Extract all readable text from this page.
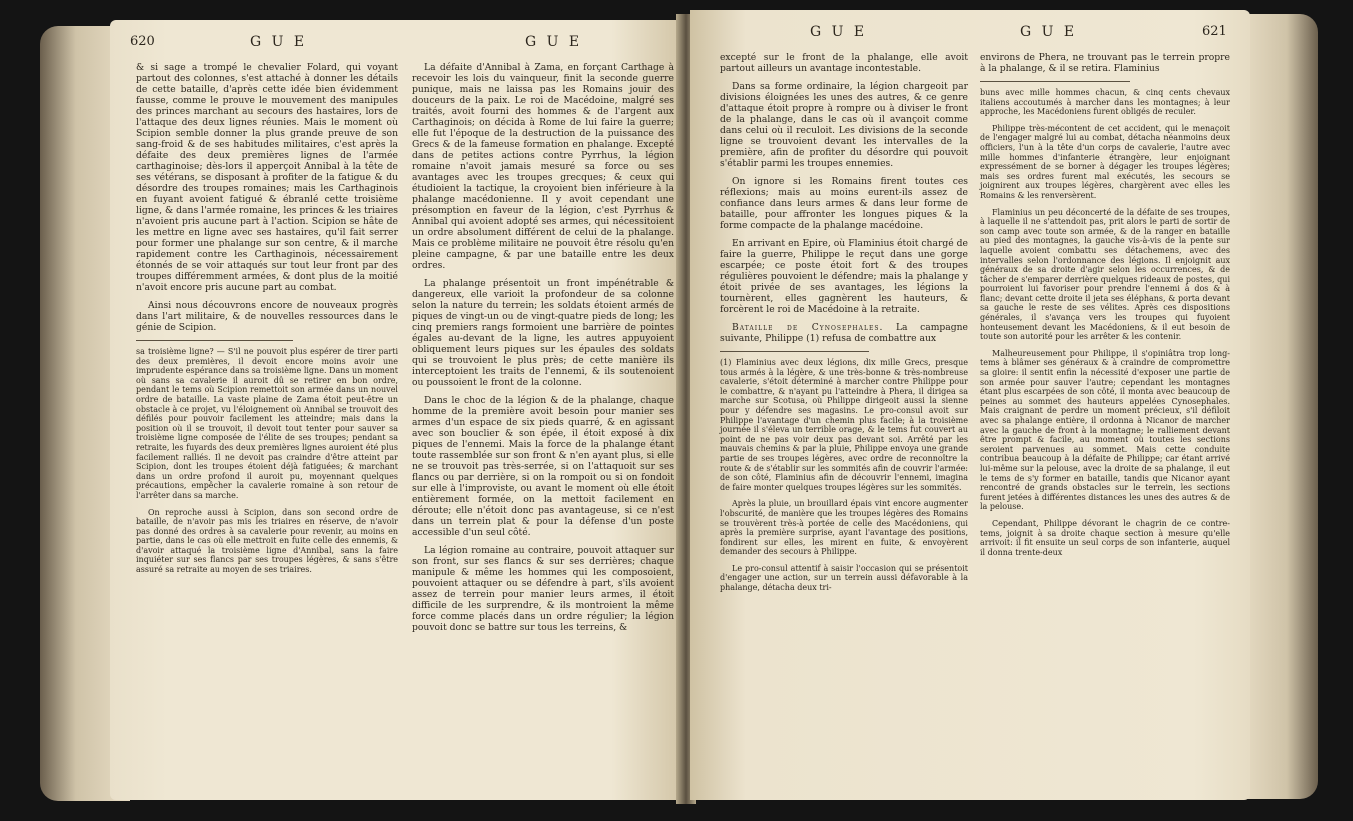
620	G U E	G U E

& si sage a trompé le chevalier Folard, qui voyant partout des colonnes, s'est attaché à donner les détails de cette bataille, d'après cette idée bien évidemment fausse, comme le prouve le mouvement des manipules des princes marchant au secours des hastaires, lors de l'attaque des deux lignes réunies. Mais le moment où Scipion semble donner la plus grande preuve de son sang-froid & de ses habitudes militaires, c'est après la défaite des deux premières lignes de l'armée carthaginoise; dès-lors il apperçoit Annibal à la tête de ses vétérans, se disposant à profiter de la fatigue & du désordre des troupes romaines; mais les Carthaginois en fuyant avoient fatigué & ébranlé cette troisième ligne, & dans l'armée romaine, les princes & les triaires n'avoient pris aucune part à l'action. Scipion se hâte de les mettre en ligne avec ses hastaires, qu'il fait serrer pour former une phalange sur son centre, & il marche rapidement contre les Carthaginois, nécessairement étonnés de se voir attaqués sur tout leur front par des troupes différemment armées, & dont plus de la moitié n'avoit encore pris aucune part au combat.

Ainsi nous découvrons encore de nouveaux progrès dans l'art militaire, & de nouvelles ressources dans le génie de Scipion.

sa troisième ligne? — S'il ne pouvoit plus espérer de tirer parti des deux premières, il devoit encore moins avoir une imprudente espérance dans sa troisième ligne. Dans un moment où sans sa cavalerie il auroit dû se retirer en bon ordre, pendant le tems où Scipion remettoit son armée dans un nouvel ordre de bataille. La vaste plaine de Zama étoit peut-être un obstacle à ce projet, vu l'éloignement où Annibal se trouvoit des défilés pour pouvoir facilement les atteindre; mais dans la position où il se trouvoit, il devoit tout tenter pour sauver sa troisième ligne composée de l'élite de ses troupes; pendant sa retraite, les fuyards des deux premières lignes auroient été plus facilement ralliés. Il ne devoit pas craindre d'être atteint par Scipion, dont les troupes étoient déjà fatiguées; & marchant dans un ordre profond il auroit pu, moyennant quelques précautions, empêcher la cavalerie romaine à son retour de l'arrêter dans sa marche.

On reproche aussi à Scipion, dans son second ordre de bataille, de n'avoir pas mis les triaires en réserve, de n'avoir pas donné des ordres à sa cavalerie pour revenir, au moins en partie, dans le cas où elle mettroit en fuite celle des ennemis, & d'avoir attaqué la troisième ligne d'Annibal, sans la faire inquiéter sur ses flancs par ses troupes légères, & sans s'être assuré sa retraite au moyen de ses triaires.

La défaite d'Annibal à Zama, en forçant Carthage à recevoir les lois du vainqueur, finit la seconde guerre punique, mais ne laissa pas les Romains jouir des douceurs de la paix. Le roi de Macédoine, malgré ses traités, avoit fourni des hommes & de l'argent aux Carthaginois; on décida à Rome de lui faire la guerre; elle fut l'époque de la destruction de la puissance des Grecs & de la fameuse formation en phalange. Excepté dans de petites actions contre Pyrrhus, la légion romaine n'avoit jamais mesuré sa force ou ses avantages avec les troupes grecques; & ceux qui étudioient la tactique, la croyoient bien inférieure à la phalange macédonienne. Il y avoit cependant une présomption en faveur de la légion, c'est Pyrrhus & Annibal qui avoient adopté ses armes, qui nécessitoient un ordre absolument différent de celui de la phalange. Mais ce problème militaire ne pouvoit être résolu qu'en pleine campagne, & par une bataille entre les deux ordres.

La phalange présentoit un front impénétrable & dangereux, elle varioit la profondeur de sa colonne selon la nature du terrein; les soldats étoient armés de piques de vingt-un ou de vingt-quatre pieds de long; les cinq premiers rangs formoient une barrière de pointes égales au-devant de la ligne, les autres appuyoient obliquement leurs piques sur les épaules des soldats qui se trouvoient le plus près; de cette manière ils interceptoient les traits de l'ennemi, & ils soutenoient ou poussoient le front de la colonne.

Dans le choc de la légion & de la phalange, chaque homme de la première avoit besoin pour manier ses armes d'un espace de six pieds quarré, & en agissant avec son bouclier & son épée, il étoit exposé à dix piques de l'ennemi. Mais la force de la phalange étant toute rassemblée sur son front & n'en ayant plus, si elle ne se trouvoit pas très-serrée, si on l'attaquoit sur ses flancs ou par derrière, si on la rompoit ou si on fondoit sur elle à l'improviste, ou avant le moment où elle étoit entièrement formée, on la mettoit facilement en déroute; elle n'étoit donc pas avantageuse, si ce n'est dans un terrein plat & pour la défense d'un poste accessible d'un seul côté.

La légion romaine au contraire, pouvoit attaquer sur son front, sur ses flancs & sur ses derrières; chaque manipule & même les hommes qui les composoient, pouvoient attaquer ou se défendre à part, s'ils avoient assez de terrein pour manier leurs armes, il étoit difficile de les surprendre, & ils montroient la même force comme placés dans un ordre régulier; la légion pouvoit donc se battre sur tous les terreins, &

G U E	G U E	621

excepté sur le front de la phalange, elle avoit partout ailleurs un avantage incontestable.

Dans sa forme ordinaire, la légion chargeoit par divisions éloignées les unes des autres, & ce genre d'attaque étoit propre à rompre ou à diviser le front de la phalange, dans le cas où il avançoit comme dans celui où il reculoit. Les divisions de la seconde ligne se trouvoient devant les intervalles de la première, afin de profiter du désordre qui pouvoit s'établir parmi les troupes ennemies.

On ignore si les Romains firent toutes ces réflexions; mais au moins eurent-ils assez de confiance dans leurs armes & dans leur forme de bataille, pour affronter les longues piques & la forme compacte de la phalange macédoine.

En arrivant en Epire, où Flaminius étoit chargé de faire la guerre, Philippe le reçut dans une gorge escarpée; ce poste étoit fort & des troupes régulières pouvoient le défendre; mais la phalange y étoit privée de ses avantages, les légions la tournèrent, elles gagnèrent les hauteurs, & forcèrent le roi de Macédoine à la retraite.

Bataille de Cynosephales. La campagne suivante, Philippe (1) refusa de combattre aux

(1) Flaminius avec deux légions, dix mille Grecs, presque tous armés à la légère, & une très-bonne & très-nombreuse cavalerie, s'étoit déterminé à marcher contre Philippe pour le combattre, & n'ayant pu l'atteindre à Phera, il dirigea sa marche sur Scotusa, où Philippe dirigeoit aussi la sienne pour y défendre ses magasins. Le pro-consul avoit sur Philippe l'avantage d'un chemin plus facile; à la troisième journée il s'éleva un terrible orage, & le tems fut couvert au point de ne pas voir deux pas devant soi. Arrêté par les mauvais chemins & par la pluie, Philippe envoya une grande partie de ses troupes légères, avec ordre de reconnoître la route & de s'établir sur les sommités afin de couvrir l'armée: de son côté, Flaminius afin de découvrir l'ennemi, imagina de faire monter quelques troupes légères sur les sommités.

Après la pluie, un brouillard épais vint encore augmenter l'obscurité, de manière que les troupes légères des Romains se trouvèrent très-à portée de celle des Macédoniens, qui après la première surprise, ayant l'avantage des positions, fondirent sur elles, les mirent en fuite, & envoyèrent demander des secours à Philippe.

Le pro-consul attentif à saisir l'occasion qui se présentoit d'engager une action, sur un terrein aussi défavorable à la phalange, détacha deux tri-

environs de Phera, ne trouvant pas le terrein propre à la phalange, & il se retira. Flaminius

buns avec mille hommes chacun, & cinq cents chevaux italiens accoutumés à marcher dans les montagnes; à leur approche, les Macédoniens furent obligés de reculer.

Philippe très-mécontent de cet accident, qui le menaçoit de l'engager malgré lui au combat, détacha néanmoins deux officiers, l'un à la tête d'un corps de cavalerie, l'autre avec mille hommes d'infanterie étrangère, leur enjoignant expressément de se borner à dégager les troupes légères; mais ses ordres furent mal exécutés, les secours se joignirent aux troupes légères, chargèrent avec elles les Romains & les renversèrent.

Flaminius un peu déconcerté de la défaite de ses troupes, à laquelle il ne s'attendoit pas, prit alors le parti de sortir de son camp avec toute son armée, & de la ranger en bataille au pied des montagnes, la gauche vis-à-vis de la pente sur laquelle avoient combattu ses détachemens, avec des intervalles selon l'ordonnance des légions. Il enjoignit aux généraux de sa droite d'agir selon les occurrences, & de tâcher de s'emparer derrière quelques rideaux de postes, qui pourroient lui favoriser pour prendre l'ennemi à dos & à flanc; devant cette droite il jeta ses éléphans, & porta devant sa gauche le reste de ses vélites. Après ces dispositions générales, il s'avança vers les troupes qui fuyoient honteusement devant les Macédoniens, & il eut besoin de toute son autorité pour les arrêter & les contenir.

Malheureusement pour Philippe, il s'opiniâtra trop long-tems à blâmer ses généraux & à craindre de compromettre sa gloire: il sentit enfin la nécessité d'exposer une partie de son armée pour sauver l'autre; cependant les montagnes étant plus escarpées de son côté, il monta avec beaucoup de peines au sommet des hauteurs appelées Cynosephales. Mais craignant de perdre un moment précieux, s'il défiloit avec sa phalange entière, il ordonna à Nicanor de marcher avec la gauche de front à la montagne; le ralliement devant être prompt & facile, au moment où toutes les sections seroient parvenues au sommet. Mais cette conduite contribua beaucoup à la défaite de Philippe; car étant arrivé lui-même sur la pelouse, avec la droite de sa phalange, il eut le tems de s'y former en bataille, tandis que Nicanor ayant rencontré de grands obstacles sur le terrein, les sections furent jetées à différentes distances les unes des autres & de la pelouse.

Cependant, Philippe dévorant le chagrin de ce contre-tems, joignit à sa droite chaque section à mesure qu'elle arrivoit: il fit ensuite un seul corps de son infanterie, auquel il donna trente-deux
